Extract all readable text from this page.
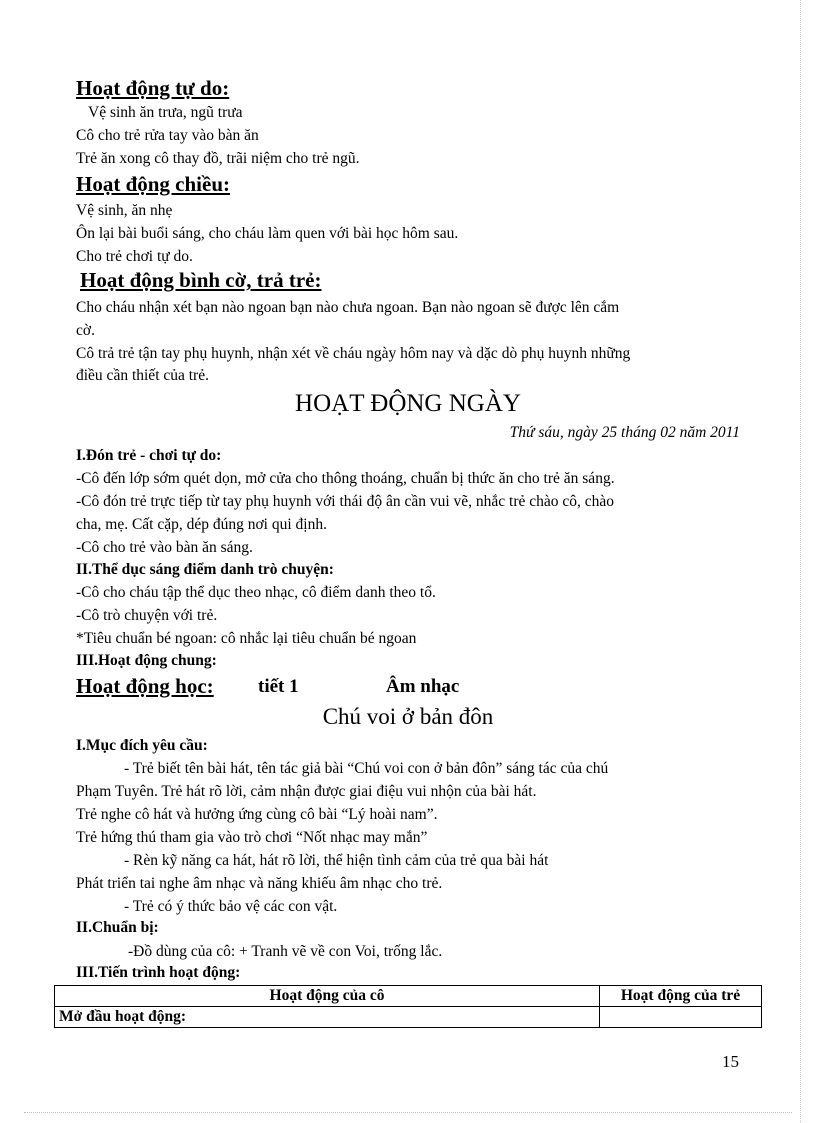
Hoạt động tự do:
Vệ sinh ăn trưa, ngũ trưa
Cô cho trẻ rửa tay vào bàn ăn
Trẻ ăn xong cô thay đồ, trãi niệm cho trẻ ngũ.
Hoạt động chiều:
Vệ sinh, ăn nhẹ
Ôn lại bài buổi sáng, cho cháu làm quen với bài học hôm sau.
Cho trẻ chơi tự do.
Hoạt động bình cờ, trả trẻ:
Cho cháu nhận xét bạn nào ngoan bạn nào chưa ngoan. Bạn nào ngoan sẽ được lên cắm
cờ.
Cô trả trẻ tận tay phụ huynh, nhận xét về cháu ngày hôm nay và dặc dò phụ huynh những
điều cần thiết của trẻ.
HOẠT ĐỘNG NGÀY
Thứ sáu, ngày 25 tháng 02 năm 2011
I.Đón trẻ - chơi tự do:
-Cô đến lớp sớm quét dọn, mở cửa cho thông thoáng, chuẩn bị thức ăn cho trẻ ăn sáng.
-Cô đón trẻ trực tiếp từ tay phụ huynh với thái độ ân cần vui vẽ, nhắc trẻ chào cô, chào
cha, mẹ. Cất cặp, dép đúng nơi qui định.
-Cô cho trẻ vào bàn ăn sáng.
II.Thể dục sáng điểm danh trò chuyện:
-Cô cho cháu tập thể dục theo nhạc, cô điểm danh theo tổ.
-Cô trò chuyện với trẻ.
*Tiêu chuẩn bé ngoan: cô nhắc lại tiêu chuẩn bé ngoan
III.Hoạt động chung:
Hoạt động học: tiết 1	Âm nhạc
Chú voi ở bản đôn
I.Mục đích yêu cầu:
- Trẻ biết tên bài hát, tên tác giả bài “Chú voi con ở bản đôn” sáng tác của chú
Phạm Tuyên. Trẻ hát rõ lời, cảm nhận được giai điệu vui nhộn của bài hát.
Trẻ nghe cô hát và hưởng ứng cùng cô bài “Lý hoài nam”.
Trẻ hứng thú tham gia vào trò chơi “Nốt nhạc may mắn”
- Rèn kỹ năng ca hát, hát rõ lời, thể hiện tình cảm của trẻ qua bài hát
Phát triển tai nghe âm nhạc và năng khiếu âm nhạc cho trẻ.
- Trẻ có ý thức bảo vệ các con vật.
II.Chuẩn bị:
-Đồ dùng của cô: + Tranh vẽ về con Voi, trống lắc.
III.Tiến trình hoạt động:
Hoạt động của cô	Hoạt động của trẻ
Mở đầu hoạt động:	
15
